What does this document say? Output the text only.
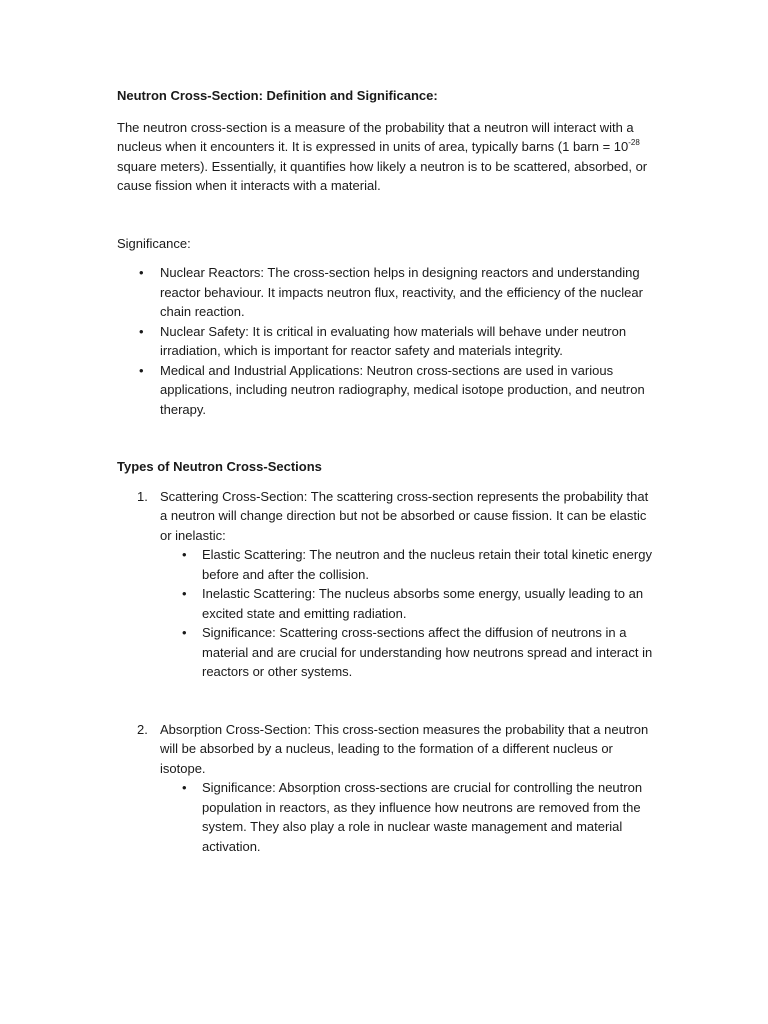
Neutron Cross-Section: Definition and Significance:

The neutron cross-section is a measure of the probability that a neutron will interact with a nucleus when it encounters it. It is expressed in units of area, typically barns (1 barn = $10^{-28}$ square meters). Essentially, it quantifies how likely a neutron is to be scattered, absorbed, or cause fission when it interacts with a material.

Significance:

• Nuclear Reactors: The cross-section helps in designing reactors and understanding reactor behaviour. It impacts neutron flux, reactivity, and the efficiency of the nuclear chain reaction.
• Nuclear Safety: It is critical in evaluating how materials will behave under neutron irradiation, which is important for reactor safety and materials integrity.
• Medical and Industrial Applications: Neutron cross-sections are used in various applications, including neutron radiography, medical isotope production, and neutron therapy.

Types of Neutron Cross-Sections

1. Scattering Cross-Section: The scattering cross-section represents the probability that a neutron will change direction but not be absorbed or cause fission. It can be elastic or inelastic:
• Elastic Scattering: The neutron and the nucleus retain their total kinetic energy before and after the collision.
• Inelastic Scattering: The nucleus absorbs some energy, usually leading to an excited state and emitting radiation.
• Significance: Scattering cross-sections affect the diffusion of neutrons in a material and are crucial for understanding how neutrons spread and interact in reactors or other systems.
2. Absorption Cross-Section: This cross-section measures the probability that a neutron will be absorbed by a nucleus, leading to the formation of a different nucleus or isotope.
• Significance: Absorption cross-sections are crucial for controlling the neutron population in reactors, as they influence how neutrons are removed from the system. They also play a role in nuclear waste management and material activation.
